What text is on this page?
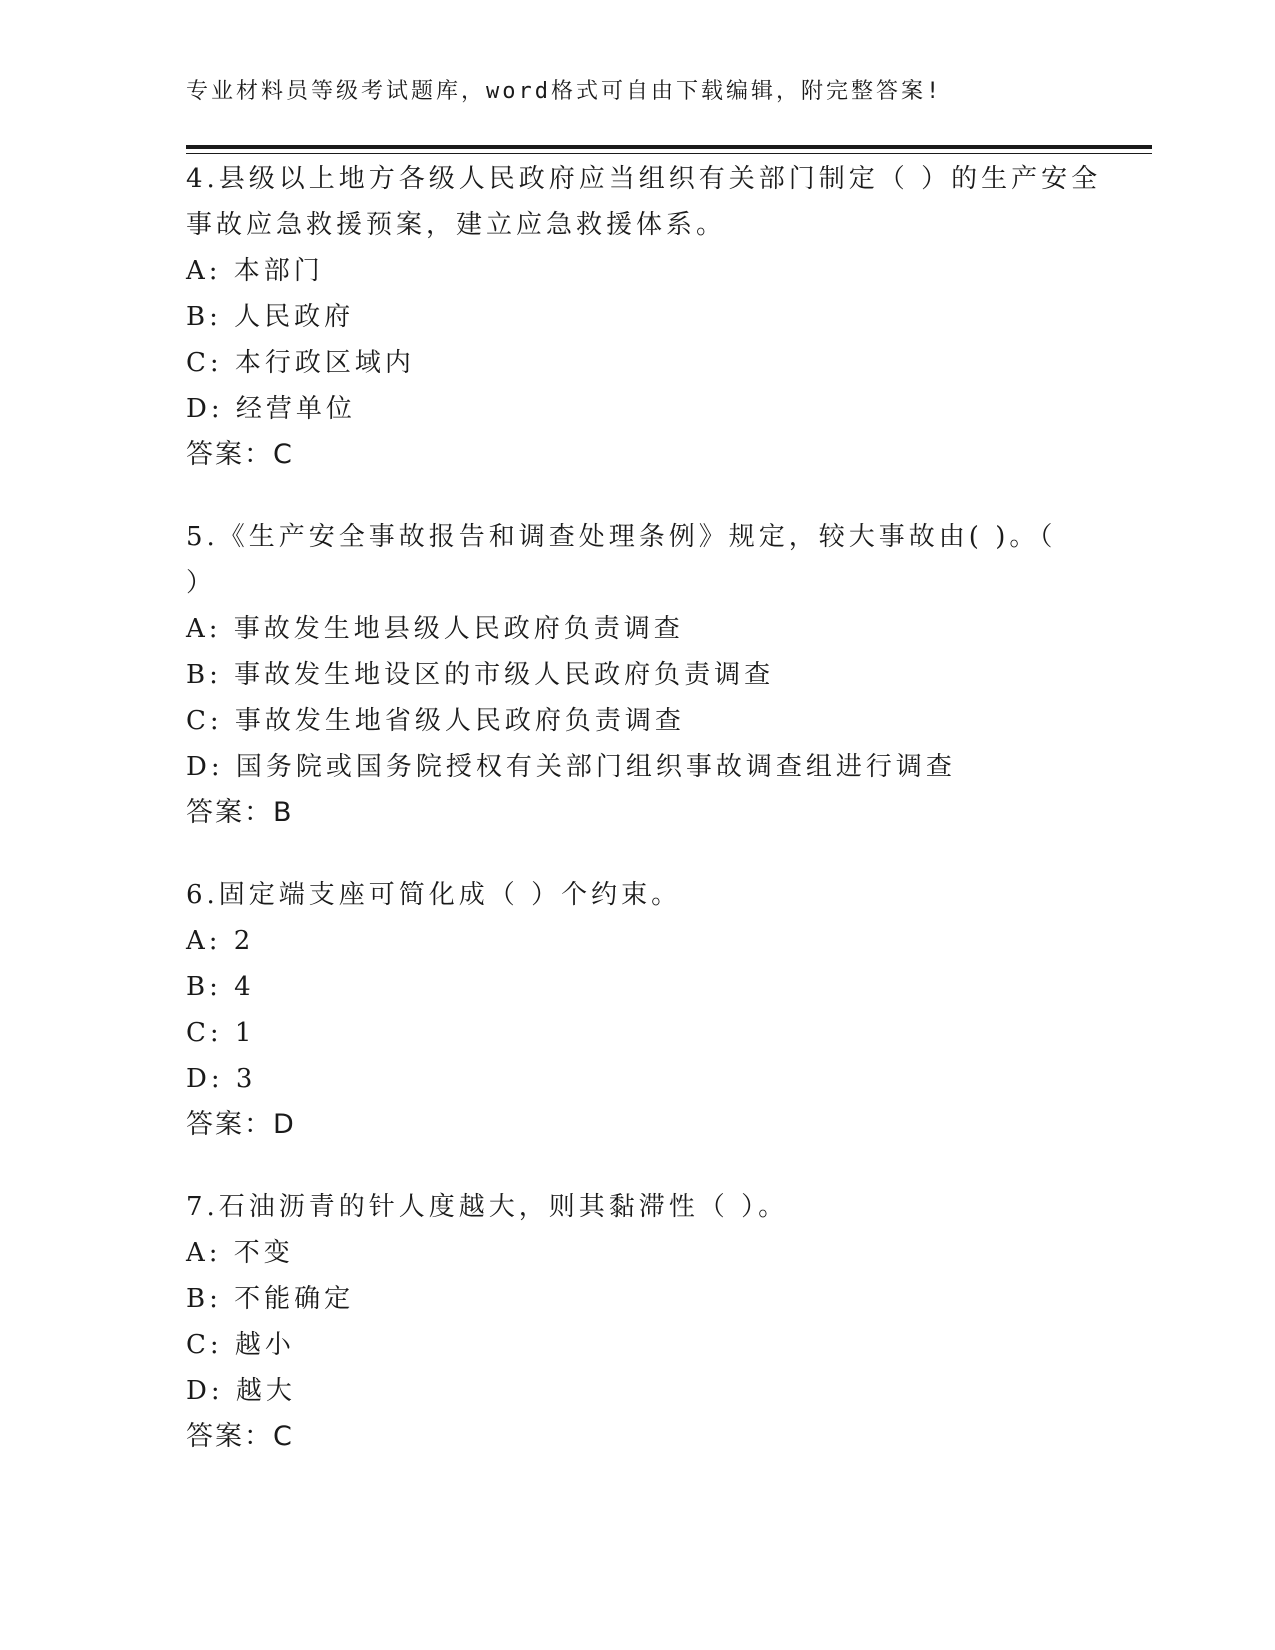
专业材料员等级考试题库，word格式可自由下载编辑，附完整答案!
4.县级以上地方各级人民政府应当组织有关部门制定（ ）的生产安全
事故应急救援预案，建立应急救援体系。
A: 本部门
B: 人民政府
C: 本行政区域内
D: 经营单位
答案：C
5.《生产安全事故报告和调查处理条例》规定，较大事故由( )。（
）
A: 事故发生地县级人民政府负责调查
B: 事故发生地设区的市级人民政府负责调查
C: 事故发生地省级人民政府负责调查
D: 国务院或国务院授权有关部门组织事故调查组进行调查
答案：B
6.固定端支座可简化成（ ）个约束。
A: 2
B: 4
C: 1
D: 3
答案：D
7.石油沥青的针人度越大，则其黏滞性（ ）。
A: 不变
B: 不能确定
C: 越小
D: 越大
答案：C
